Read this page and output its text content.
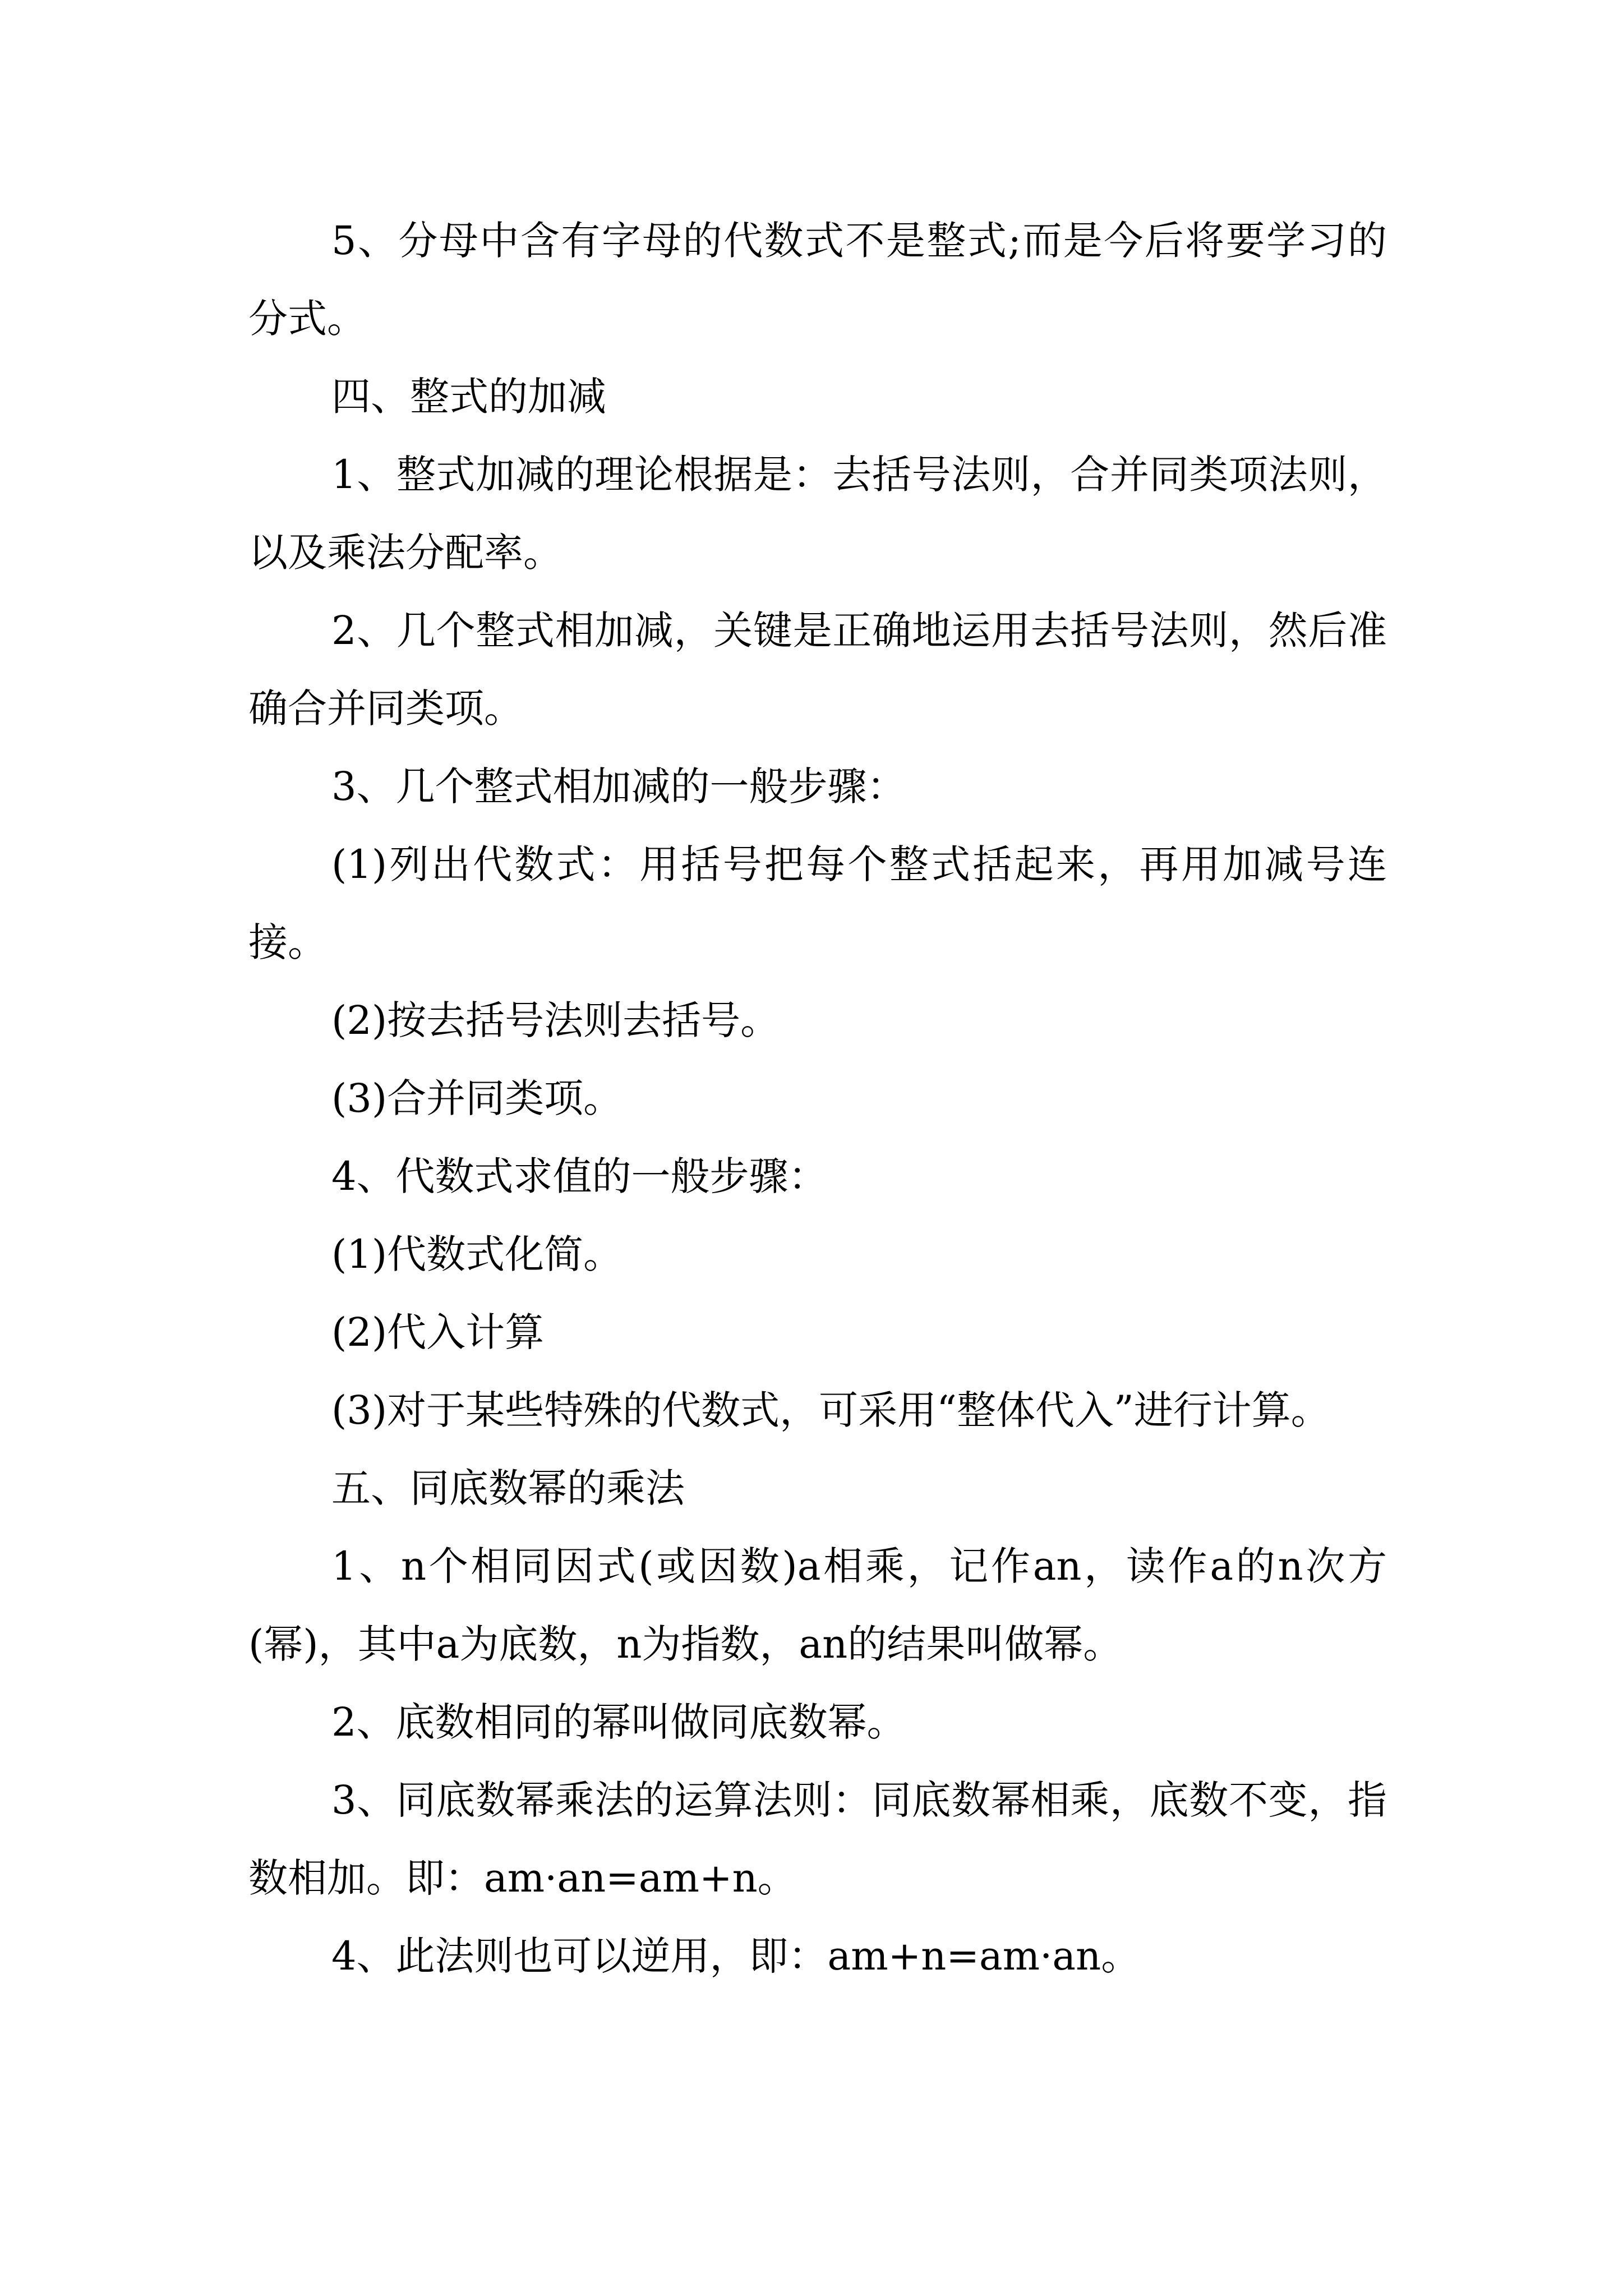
5、分母中含有字母的代数式不是整式;而是今后将要学习的分式。

四、整式的加减

1、整式加减的理论根据是：去括号法则，合并同类项法则，以及乘法分配率。

2、几个整式相加减，关键是正确地运用去括号法则，然后准确合并同类项。

3、几个整式相加减的一般步骤：

(1)列出代数式：用括号把每个整式括起来，再用加减号连接。

(2)按去括号法则去括号。

(3)合并同类项。

4、代数式求值的一般步骤：

(1)代数式化简。

(2)代入计算

(3)对于某些特殊的代数式，可采用“整体代入”进行计算。

五、同底数幂的乘法

1、n个相同因式(或因数)a相乘，记作an，读作a的n次方(幂)，其中a为底数，n为指数，an的结果叫做幂。

2、底数相同的幂叫做同底数幂。

3、同底数幂乘法的运算法则：同底数幂相乘，底数不变，指数相加。即：am·an=am+n。

4、此法则也可以逆用，即：am+n=am·an。
